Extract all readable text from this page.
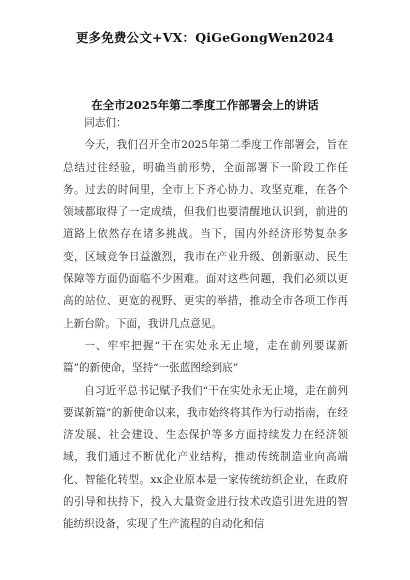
更多免费公文+VX：QiGeGongWen2024
在全市2025年第二季度工作部署会上的讲话

同志们：

今天，我们召开全市2025年第二季度工作部署会，旨在总结过往经验，明确当前形势，全面部署下一阶段工作任务。过去的时间里，全市上下齐心协力、攻坚克难，在各个领域都取得了一定成绩，但我们也要清醒地认识到，前进的道路上依然存在诸多挑战。当下，国内外经济形势复杂多变，区域竞争日益激烈，我市在产业升级、创新驱动、民生保障等方面仍面临不少困难。面对这些问题，我们必须以更高的站位、更宽的视野、更实的举措，推动全市各项工作再上新台阶。下面，我讲几点意见。

一、牢牢把握“干在实处永无止境，走在前列要谋新篇”的新使命，坚持“一张蓝图绘到底”

自习近平总书记赋予我们“干在实处永无止境，走在前列要谋新篇”的新使命以来，我市始终将其作为行动指南，在经济发展、社会建设、生态保护等多方面持续发力在经济领域，我们通过不断优化产业结构，推动传统制造业向高端化、智能化转型。xx企业原本是一家传统纺织企业，在政府的引导和扶持下，投入大量资金进行技术改造引进先进的智能纺织设备，实现了生产流程的自动化和信
